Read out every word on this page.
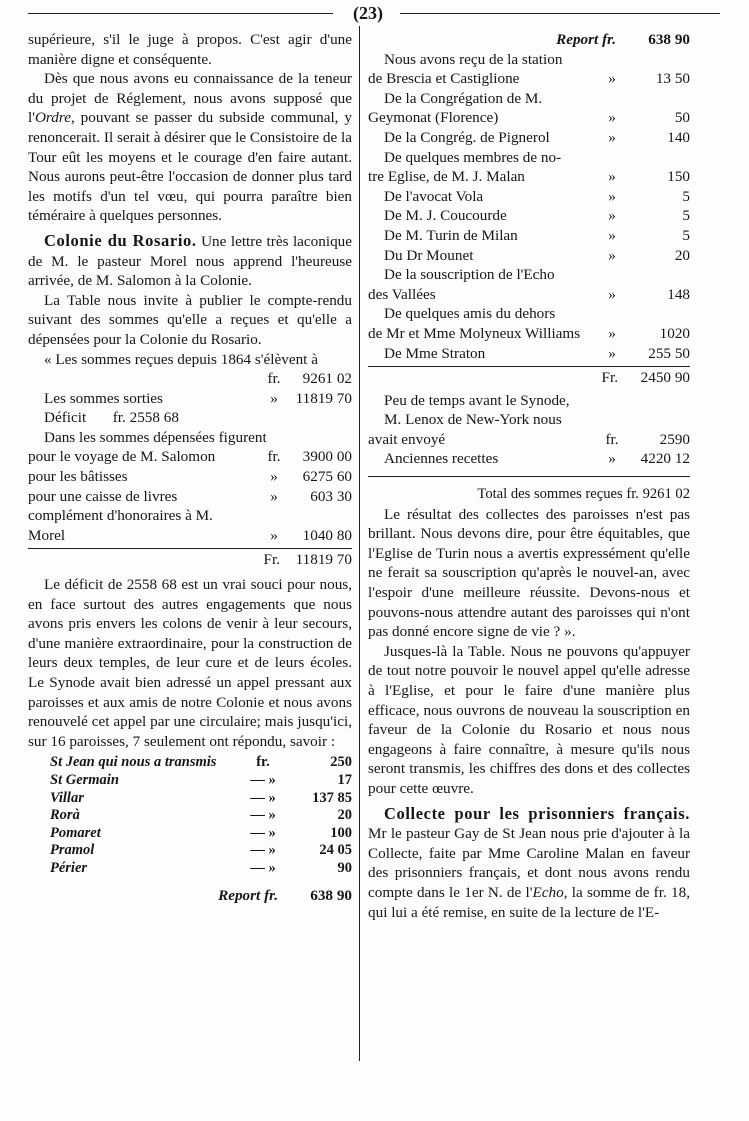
(23)

supérieure, s'il le juge à propos. C'est agir d'une manière digne et conséquente.

Dès que nous avons eu connaissance de la teneur du projet de Réglement, nous avons supposé que l'Ordre, pouvant se passer du subside communal, y renoncerait. Il serait à désirer que le Consistoire de la Tour eût les moyens et le courage d'en faire autant. Nous aurons peut-être l'occasion de donner plus tard les motifs d'un tel vœu, qui pourra paraître bien téméraire à quelques personnes.

Colonie du Rosario. Une lettre très laconique de M. le pasteur Morel nous apprend l'heureuse arrivée, de M. Salomon à la Colonie.

La Table nous invite à publier le compte-rendu suivant des sommes qu'elle a reçues et qu'elle a dépensées pour la Colonie du Rosario.

« Les sommes reçues depuis 1864 s'élèvent à

fr.	9261 02
Les sommes sorties	»	11819 70
Déficit fr. 2558 68
Dans les sommes dépensées figurent
pour le voyage de M. Salomon	fr.	3900 00
pour les bâtisses	»	6275 60
pour une caisse de livres	»	603 30
complément d'honoraires à M.
Morel	»	1040 80
Fr.	11819 70

Le déficit de 2558 68 est un vrai souci pour nous, en face surtout des autres engagements que nous avons pris envers les colons de venir à leur secours, d'une manière extraordinaire, pour la construction de leurs deux temples, de leur cure et de leurs écoles. Le Synode avait bien adressé un appel pressant aux paroisses et aux amis de notre Colonie et nous avons renouvelé cet appel par une circulaire; mais jusqu'ici, sur 16 paroisses, 7 seulement ont répondu, savoir :

St Jean qui nous a transmis	fr.	250
St Germain	— »	17
Villar	— »	137 85
Rorà	— »	20
Pomaret	— »	100
Pramol	— »	24 05
Périer	— »	90
Report fr.	638 90
Report fr.	638 90
Nous avons reçu de la station
de Brescia et Castiglione	»	13 50
De la Congrégation de M.
Geymonat (Florence)	»	50
De la Congrég. de Pignerol	»	140
De quelques membres de no-
tre Eglise, de M. J. Malan	»	150
De l'avocat Vola	»	5
De M. J. Coucourde	»	5
De M. Turin de Milan	»	5
Du Dr Mounet	»	20
De la souscription de l'Echo
des Vallées	»	148
De quelques amis du dehors
de Mr et Mme Molyneux Williams	»	1020
De Mme Straton	»	255 50
Fr.	2450 90
Peu de temps avant le Synode,
M. Lenox de New-York nous
avait envoyé	fr.	2590
Anciennes recettes	»	4220 12

Total des sommes reçues fr. 9261 02

Le résultat des collectes des paroisses n'est pas brillant. Nous devons dire, pour être équitables, que l'Eglise de Turin nous a avertis expressément qu'elle ne ferait sa souscription qu'après le nouvel-an, avec l'espoir d'une meilleure réussite. Devons-nous et pouvons-nous attendre autant des paroisses qui n'ont pas donné encore signe de vie ? ».

Jusques-là la Table. Nous ne pouvons qu'appuyer de tout notre pouvoir le nouvel appel qu'elle adresse à l'Eglise, et pour le faire d'une manière plus efficace, nous ouvrons de nouveau la souscription en faveur de la Colonie du Rosario et nous nous engageons à faire connaître, à mesure qu'ils nous seront transmis, les chiffres des dons et des collectes pour cette œuvre.

Collecte pour les prisonniers français. Mr le pasteur Gay de St Jean nous prie d'ajouter à la Collecte, faite par Mme Caroline Malan en faveur des prisonniers français, et dont nous avons rendu compte dans le 1er N. de l'Echo, la somme de fr. 18, qui lui a été remise, en suite de la lecture de l'E-
